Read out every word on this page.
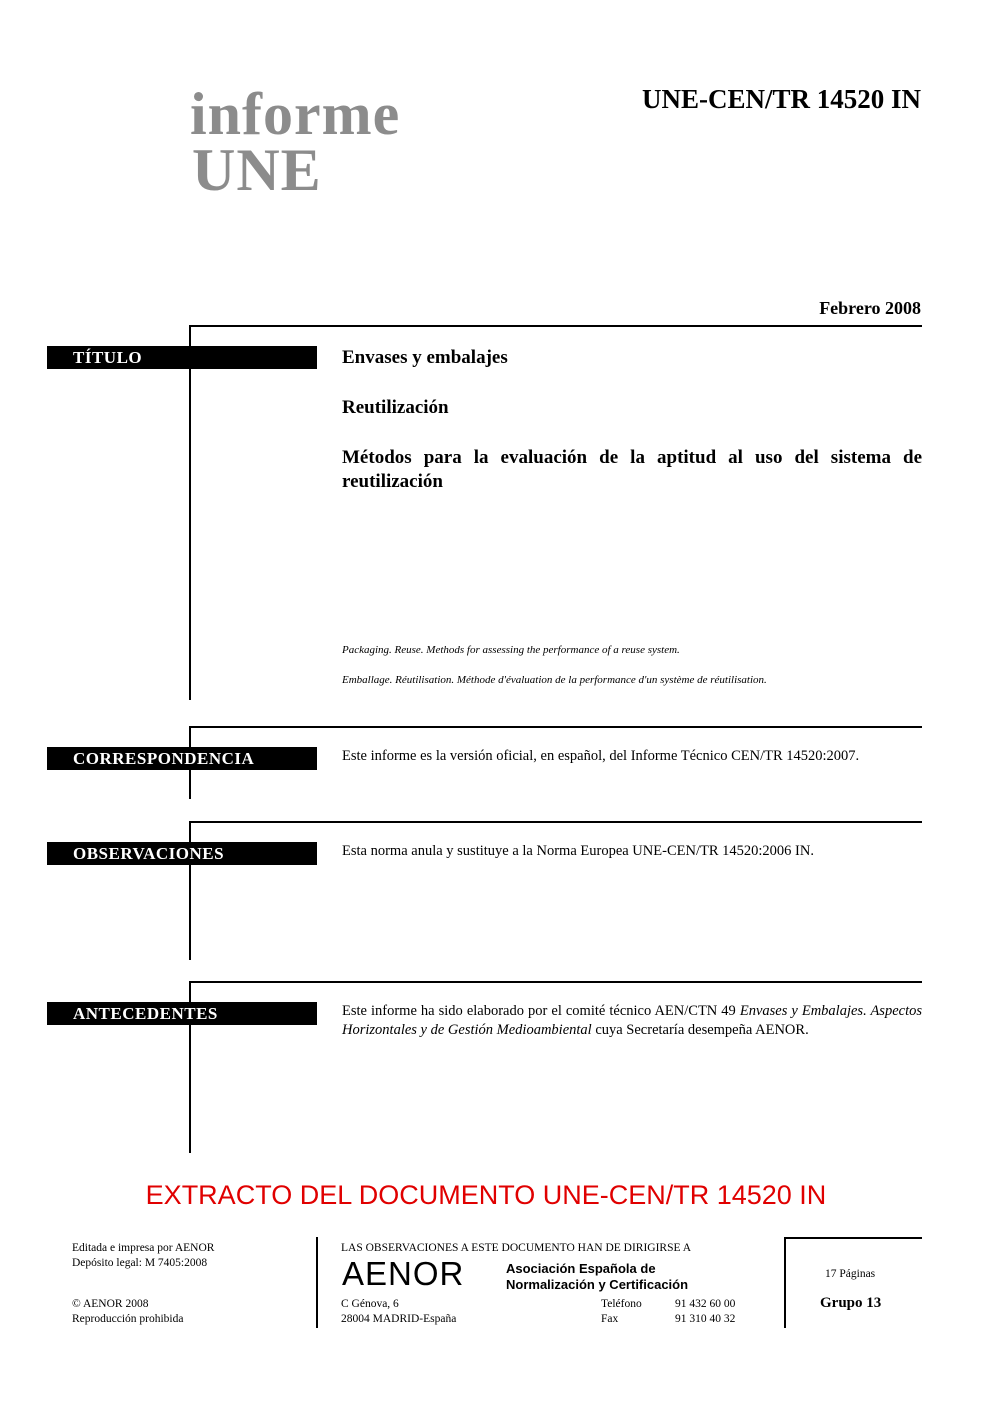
informe
UNE
UNE-CEN/TR 14520 IN
Febrero 2008
TÍTULO	Envases y embalajes
Reutilización
Métodos para la evaluación de la aptitud al uso del sistema de reutilización
Packaging. Reuse. Methods for assessing the performance of a reuse system.
Emballage. Réutilisation. Méthode d'évaluation de la performance d'un système de réutilisation.
CORRESPONDENCIA	Este informe es la versión oficial, en español, del Informe Técnico CEN/TR 14520:2007.
OBSERVACIONES	Esta norma anula y sustituye a la Norma Europea UNE-CEN/TR 14520:2006 IN.
ANTECEDENTES	Este informe ha sido elaborado por el comité técnico AEN/CTN 49 Envases y Embalajes. Aspectos Horizontales y de Gestión Medioambiental cuya Secretaría desempeña AENOR.
EXTRACTO DEL DOCUMENTO UNE-CEN/TR 14520 IN
Editada e impresa por AENOR
Depósito legal: M 7405:2008
© AENOR 2008
Reproducción prohibida
LAS OBSERVACIONES A ESTE DOCUMENTO HAN DE DIRIGIRSE A
AENOR	Asociación Española de
Normalización y Certificación
C Génova, 6
28004 MADRID-España
Teléfono	91 432 60 00
Fax	91 310 40 32
17 Páginas
Grupo 13
